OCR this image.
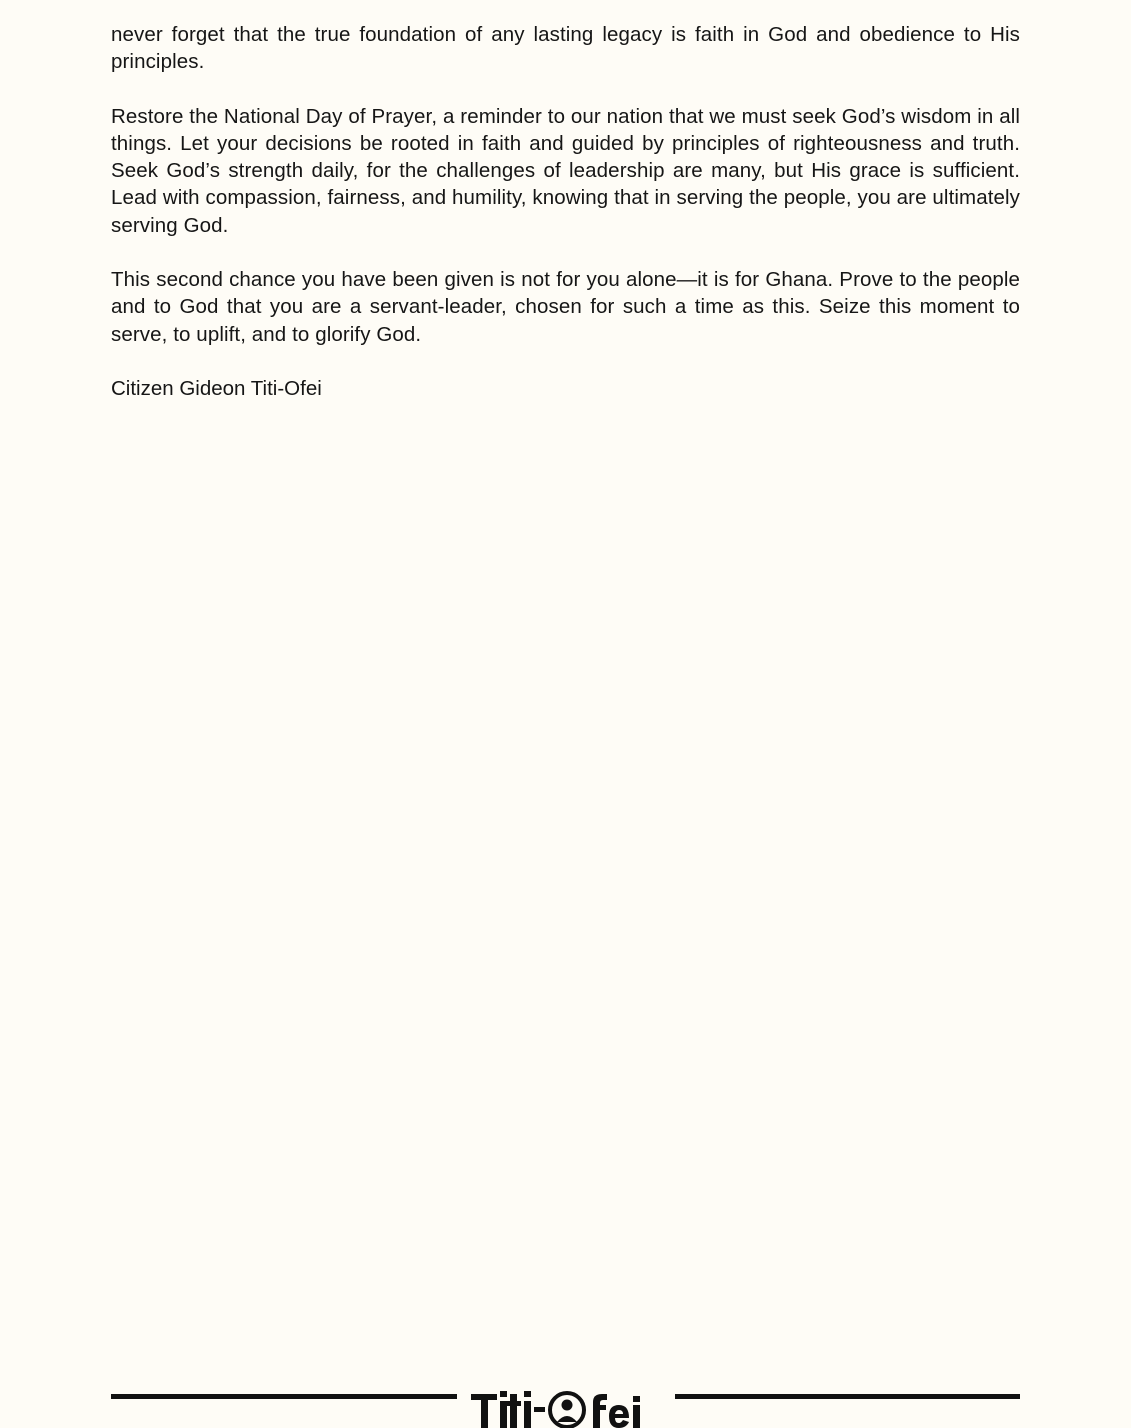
never forget that the true foundation of any lasting legacy is faith in God and obedience to His principles.

Restore the National Day of Prayer, a reminder to our nation that we must seek God’s wisdom in all things. Let your decisions be rooted in faith and guided by principles of righteousness and truth. Seek God’s strength daily, for the challenges of leadership are many, but His grace is sufficient. Lead with compassion, fairness, and humility, knowing that in serving the people, you are ultimately serving God.

This second chance you have been given is not for you alone—it is for Ghana. Prove to the people and to God that you are a servant-leader, chosen for such a time as this. Seize this moment to serve, to uplift, and to glorify God.

Citizen Gideon Titi-Ofei
